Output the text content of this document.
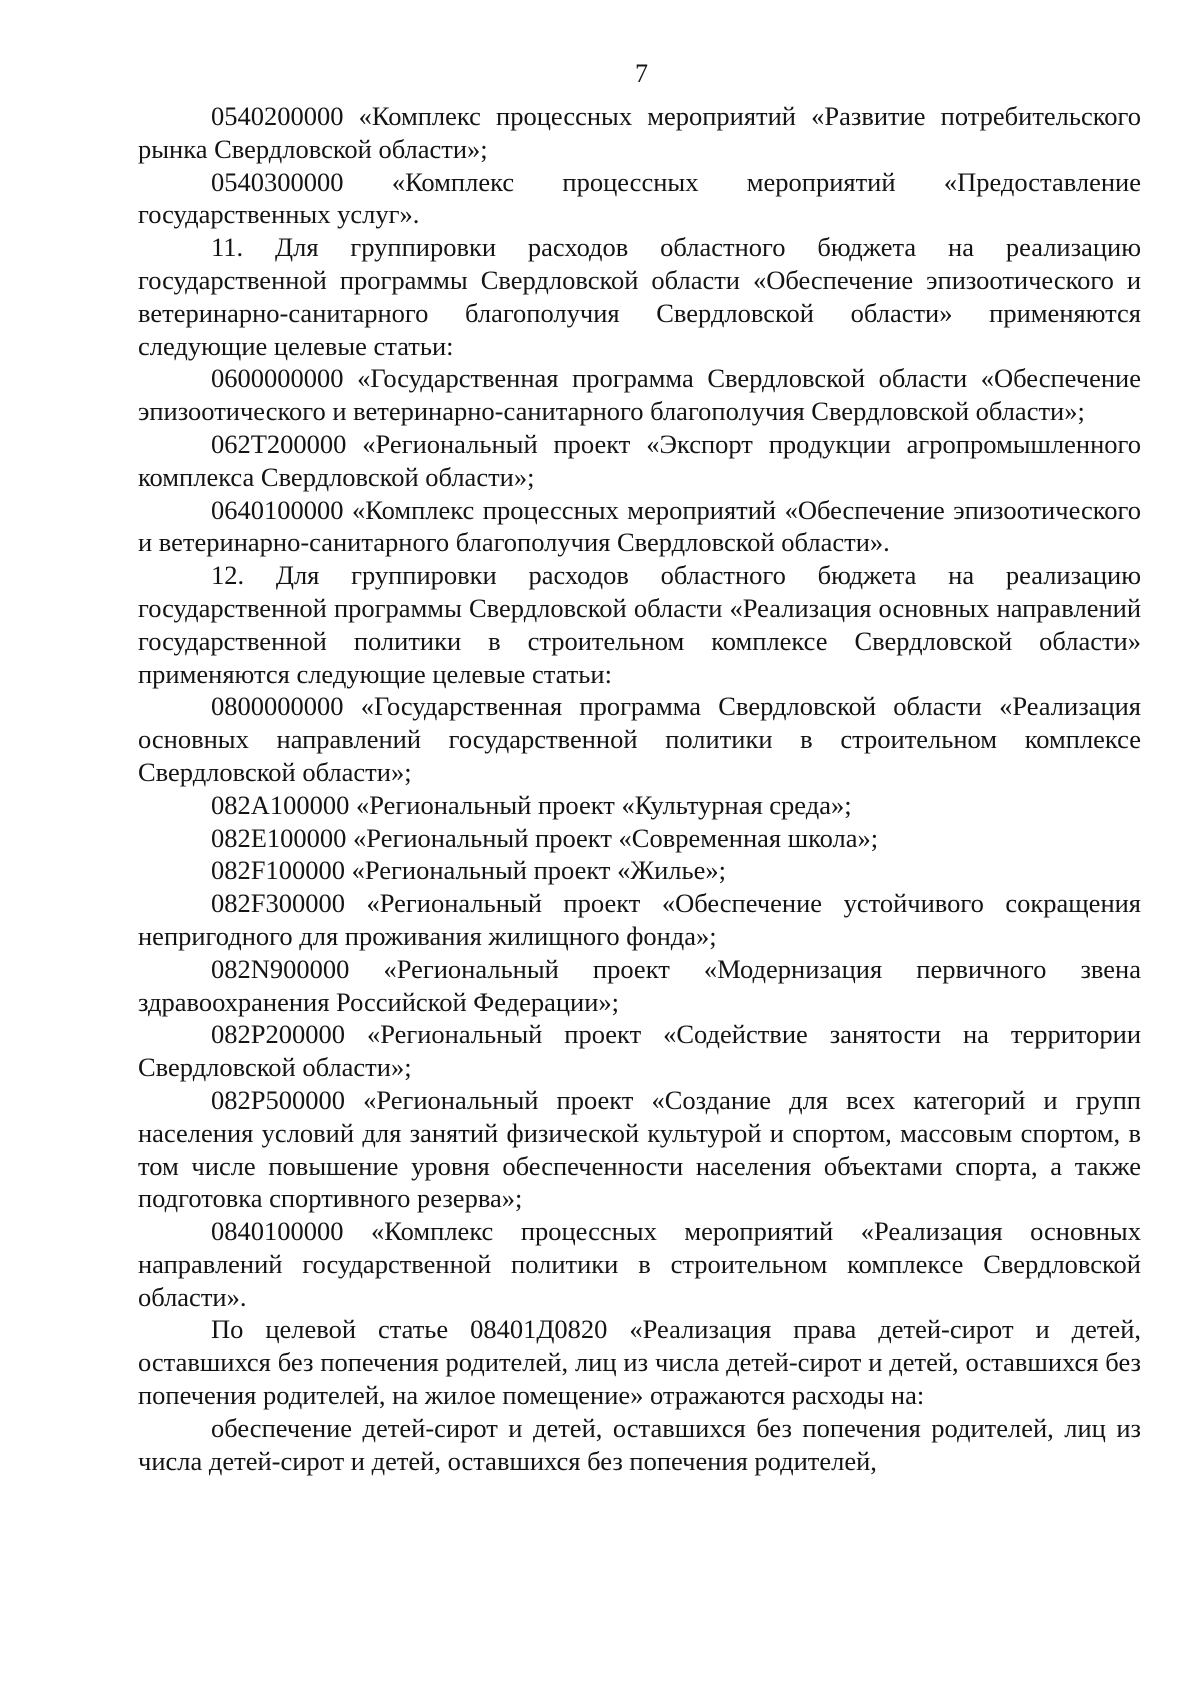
7

0540200000 «Комплекс процессных мероприятий «Развитие потребительского рынка Свердловской области»;

0540300000 «Комплекс процессных мероприятий «Предоставление государственных услуг».

11. Для группировки расходов областного бюджета на реализацию государственной программы Свердловской области «Обеспечение эпизоотического и ветеринарно-санитарного благополучия Свердловской области» применяются следующие целевые статьи:

0600000000 «Государственная программа Свердловской области «Обеспечение эпизоотического и ветеринарно-санитарного благополучия Свердловской области»;

062Т200000 «Региональный проект «Экспорт продукции агропромышленного комплекса Свердловской области»;

0640100000 «Комплекс процессных мероприятий «Обеспечение эпизоотического и ветеринарно-санитарного благополучия Свердловской области».

12. Для группировки расходов областного бюджета на реализацию государственной программы Свердловской области «Реализация основных направлений государственной политики в строительном комплексе Свердловской области» применяются следующие целевые статьи:

0800000000 «Государственная программа Свердловской области «Реализация основных направлений государственной политики в строительном комплексе Свердловской области»;

082А100000 «Региональный проект «Культурная среда»;

082Е100000 «Региональный проект «Современная школа»;

082F100000 «Региональный проект «Жилье»;

082F300000 «Региональный проект «Обеспечение устойчивого сокращения непригодного для проживания жилищного фонда»;

082N900000 «Региональный проект «Модернизация первичного звена здравоохранения Российской Федерации»;

082Р200000 «Региональный проект «Содействие занятости на территории Свердловской области»;

082Р500000 «Региональный проект «Создание для всех категорий и групп населения условий для занятий физической культурой и спортом, массовым спортом, в том числе повышение уровня обеспеченности населения объектами спорта, а также подготовка спортивного резерва»;

0840100000 «Комплекс процессных мероприятий «Реализация основных направлений государственной политики в строительном комплексе Свердловской области».

По целевой статье 08401Д0820 «Реализация права детей-сирот и детей, оставшихся без попечения родителей, лиц из числа детей-сирот и детей, оставшихся без попечения родителей, на жилое помещение» отражаются расходы на:

обеспечение детей-сирот и детей, оставшихся без попечения родителей, лиц из числа детей-сирот и детей, оставшихся без попечения родителей,
